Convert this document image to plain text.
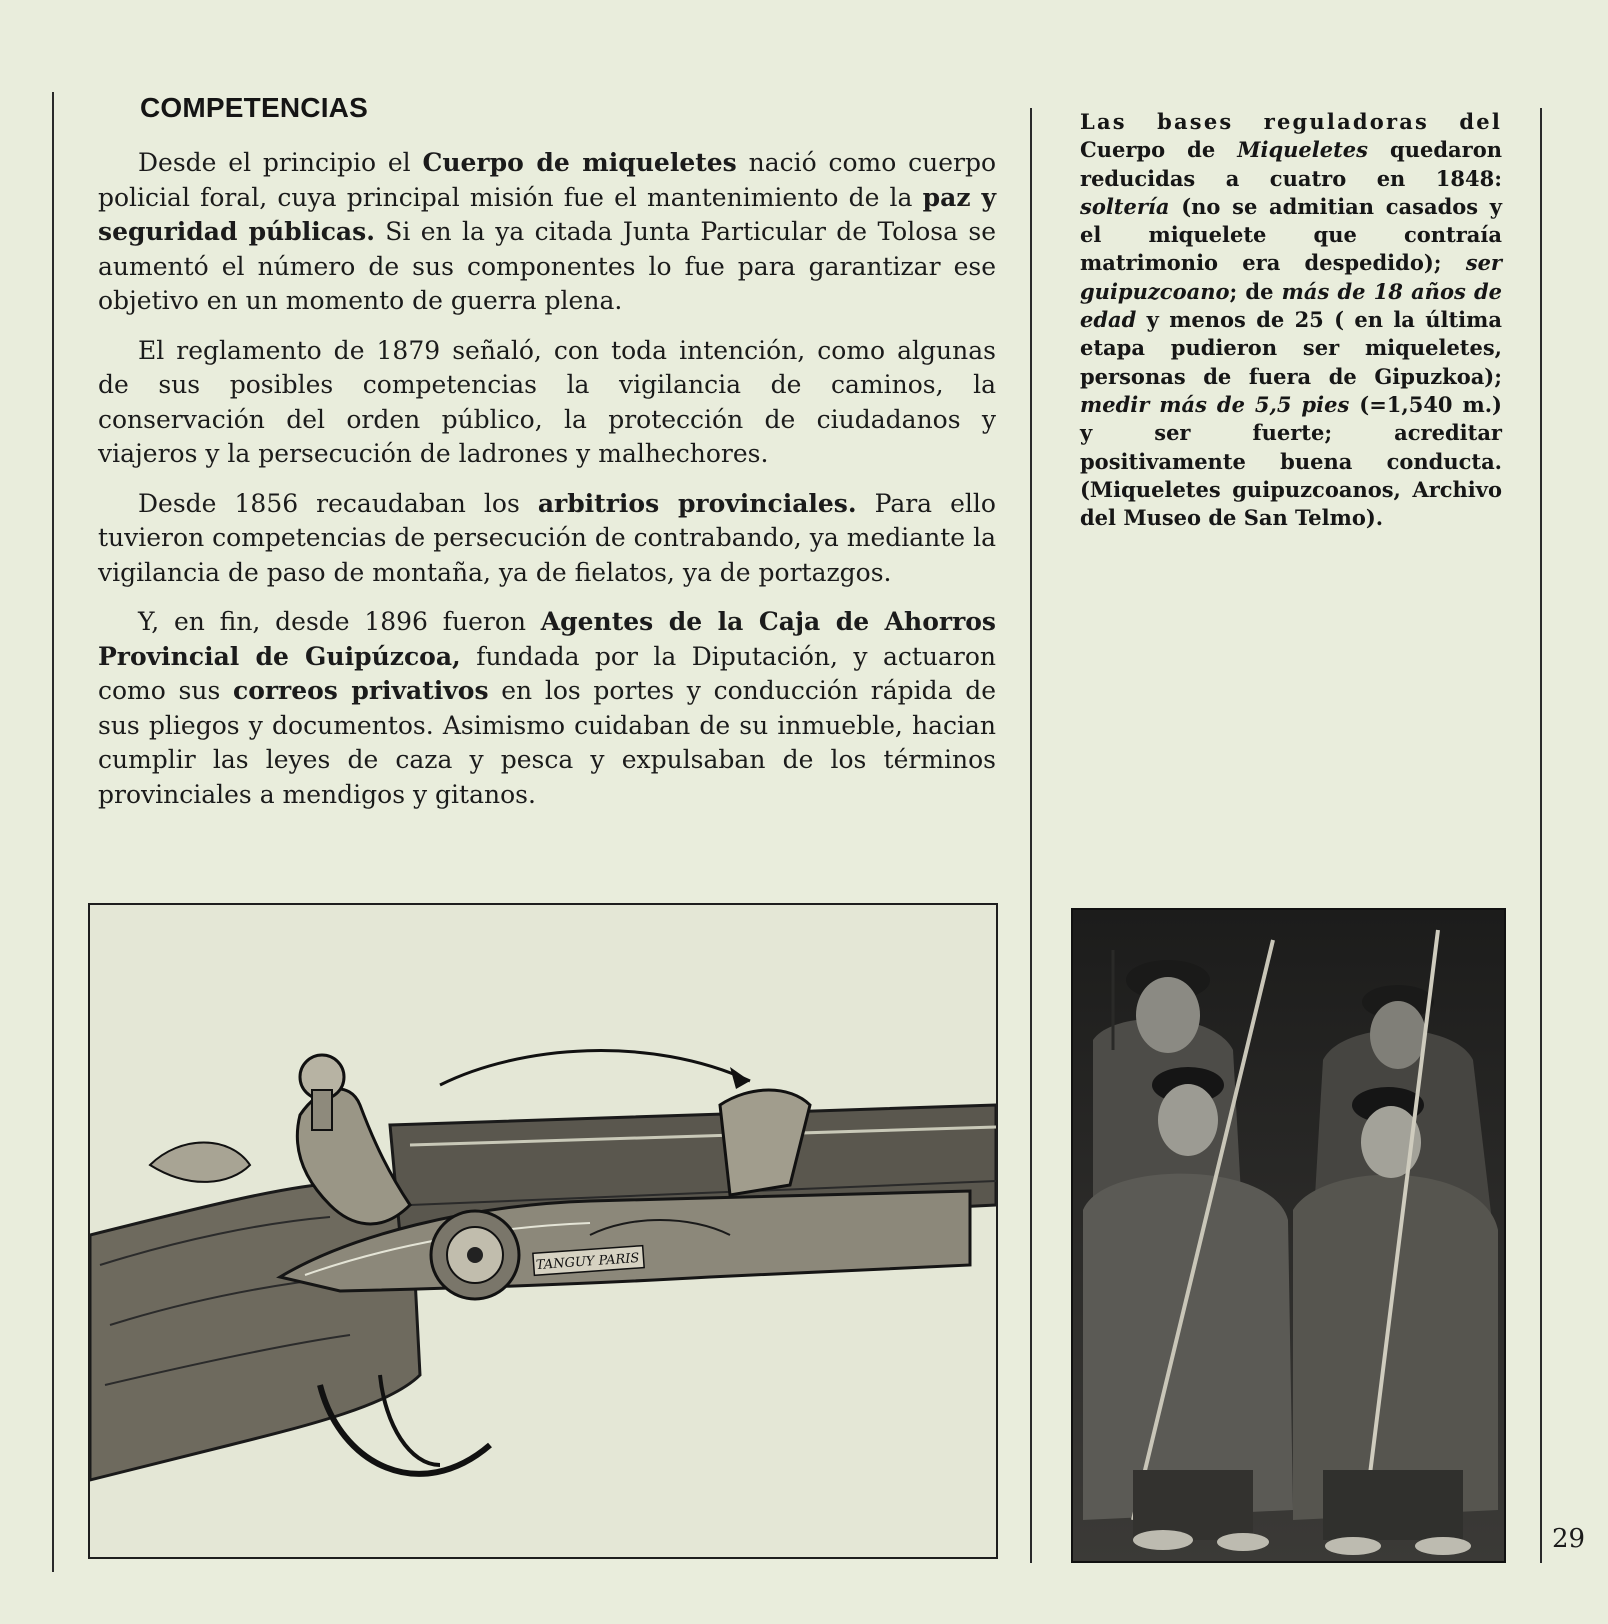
COMPETENCIAS

Desde el principio el Cuerpo de miqueletes nació como cuerpo policial foral, cuya principal misión fue el mantenimiento de la paz y seguridad públicas. Si en la ya citada Junta Particular de Tolosa se aumentó el número de sus componentes lo fue para garantizar ese objetivo en un momento de guerra plena.

El reglamento de 1879 señaló, con toda intención, como algunas de sus posibles competencias la vigilancia de caminos, la conservación del orden público, la protección de ciudadanos y viajeros y la persecución de ladrones y malhechores.

Desde 1856 recaudaban los arbitrios provinciales. Para ello tuvieron competencias de persecución de contrabando, ya mediante la vigilancia de paso de montaña, ya de fielatos, ya de portazgos.

Y, en fin, desde 1896 fueron Agentes de la Caja de Ahorros Provincial de Guipúzcoa, fundada por la Diputación, y actuaron como sus correos privativos en los portes y conducción rápida de sus pliegos y documentos. Asimismo cuidaban de su inmueble, hacian cumplir las leyes de caza y pesca y expulsaban de los términos provinciales a mendigos y gitanos.

Las bases reguladoras del Cuerpo de Miqueletes quedaron reducidas a cuatro en 1848: soltería (no se admitian casados y el miquelete que contraía matrimonio era despedido); ser guipuzcoano; de más de 18 años de edad y menos de 25 ( en la última etapa pudieron ser miqueletes, personas de fuera de Gipuzkoa); medir más de 5,5 pies (=1,540 m.) y ser fuerte; acreditar positivamente buena conducta. (Miqueletes guipuzcoanos, Archivo del Museo de San Telmo).
TANGUY PARIS
29
